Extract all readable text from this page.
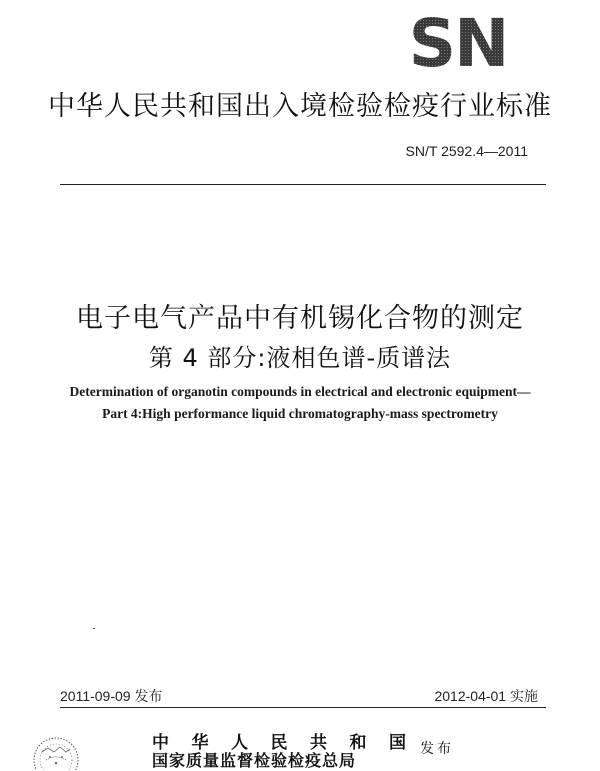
SN
中华人民共和国出入境检验检疫行业标准
SN/T 2592.4—2011
电子电气产品中有机锡化合物的测定
第 4 部分:液相色谱-质谱法
Determination of organotin compounds in electrical and electronic equipment—
Part 4:High performance liquid chromatography-mass spectrometry
2011-09-09 发布	2012-04-01 实施
中 华 人 民 共 和 国
国家质量监督检验检疫总局
发布
